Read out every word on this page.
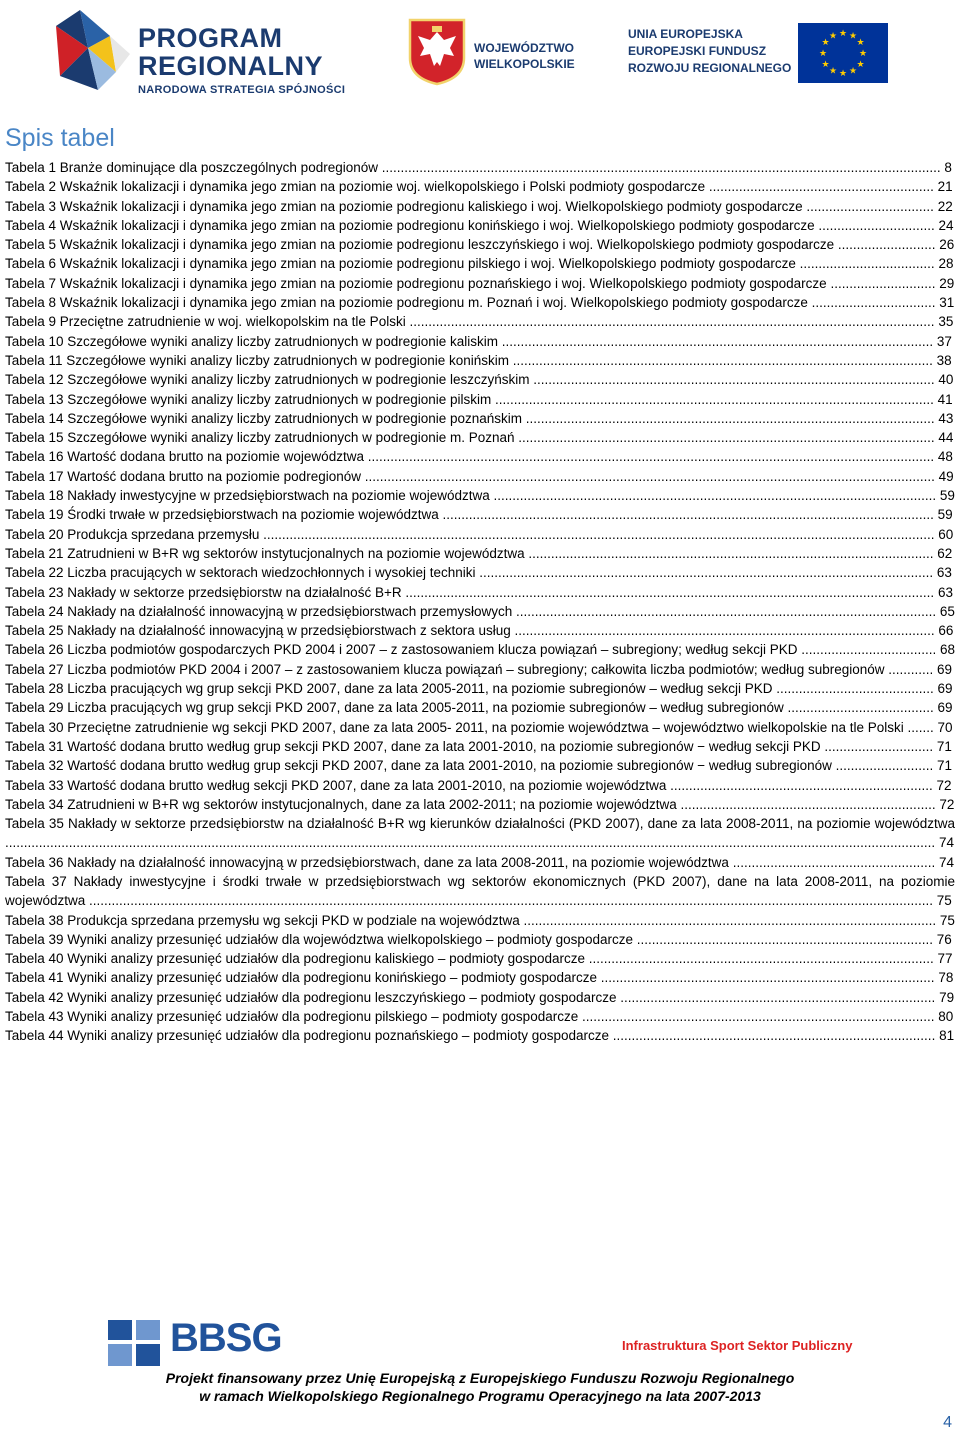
PROGRAM
REGIONALNY
NARODOWA STRATEGIA SPÓJNOŚCI
WOJEWÓDZTWO
WIELKOPOLSKIE
UNIA EUROPEJSKA
EUROPEJSKI FUNDUSZ
ROZWOJU REGIONALNEGO
★ ★
★
★
★
★
★
★
★
★
★
★
Spis tabel
Tabela 1 Branże dominujące dla poszczególnych podregionów ..................................................................................................................................................... 8
Tabela 2 Wskaźnik lokalizacji i dynamika jego zmian na poziomie woj. wielkopolskiego i Polski podmioty gospodarcze ............................................................ 21
Tabela 3 Wskaźnik lokalizacji i dynamika jego zmian na poziomie podregionu kaliskiego i woj. Wielkopolskiego podmioty gospodarcze .................................. 22
Tabela 4 Wskaźnik lokalizacji i dynamika jego zmian na poziomie podregionu konińskiego i woj. Wielkopolskiego podmioty gospodarcze ............................... 24
Tabela 5 Wskaźnik lokalizacji i dynamika jego zmian na poziomie podregionu leszczyńskiego i woj. Wielkopolskiego podmioty gospodarcze .......................... 26
Tabela 6 Wskaźnik lokalizacji i dynamika jego zmian na poziomie podregionu pilskiego i woj. Wielkopolskiego podmioty gospodarcze .................................... 28
Tabela 7 Wskaźnik lokalizacji i dynamika jego zmian na poziomie podregionu poznańskiego i woj. Wielkopolskiego podmioty gospodarcze ............................ 29
Tabela 8 Wskaźnik lokalizacji i dynamika jego zmian na poziomie podregionu m. Poznań i woj. Wielkopolskiego podmioty gospodarcze ................................. 31
Tabela 9 Przeciętne zatrudnienie w woj. wielkopolskim na tle Polski ............................................................................................................................................ 35
Tabela 10 Szczegółowe wyniki analizy liczby zatrudnionych w podregionie kaliskim ................................................................................................................... 37
Tabela 11 Szczegółowe wyniki analizy liczby zatrudnionych w podregionie konińskim ................................................................................................................ 38
Tabela 12 Szczegółowe wyniki analizy liczby zatrudnionych w podregionie leszczyńskim ........................................................................................................... 40
Tabela 13 Szczegółowe wyniki analizy liczby zatrudnionych w podregionie pilskim ..................................................................................................................... 41
Tabela 14 Szczegółowe wyniki analizy liczby zatrudnionych w podregionie poznańskim ............................................................................................................. 43
Tabela 15 Szczegółowe wyniki analizy liczby zatrudnionych w podregionie m. Poznań ............................................................................................................... 44
Tabela 16 Wartość dodana brutto na poziomie województwa ....................................................................................................................................................... 48
Tabela 17 Wartość dodana brutto na poziomie podregionów ........................................................................................................................................................ 49
Tabela 18 Nakłady inwestycyjne w przedsiębiorstwach na poziomie województwa ...................................................................................................................... 59
Tabela 19 Środki trwałe w przedsiębiorstwach na poziomie województwa ................................................................................................................................... 59
Tabela 20 Produkcja sprzedana przemysłu ................................................................................................................................................................................... 60
Tabela 21 Zatrudnieni w B+R wg sektorów instytucjonalnych na poziomie województwa ............................................................................................................ 62
Tabela 22 Liczba pracujących w sektorach wiedzochłonnych i wysokiej techniki ......................................................................................................................... 63
Tabela 23 Nakłady w sektorze przedsiębiorstw na działalność B+R ............................................................................................................................................. 63
Tabela 24 Nakłady na działalność innowacyjną w przedsiębiorstwach przemysłowych ................................................................................................................ 65
Tabela 25 Nakłady na działalność innowacyjną w przedsiębiorstwach z sektora usług ................................................................................................................ 66
Tabela 26 Liczba podmiotów gospodarczych PKD 2004 i 2007 – z zastosowaniem klucza powiązań – subregiony; według sekcji PKD .................................... 68
Tabela 27 Liczba podmiotów PKD 2004 i 2007 – z zastosowaniem klucza powiązań – subregiony; całkowita liczba podmiotów; według subregionów ............ 69
Tabela 28 Liczba pracujących wg grup sekcji PKD 2007, dane za lata 2005-2011, na poziomie subregionów – według sekcji PKD .......................................... 69
Tabela 29 Liczba pracujących wg grup sekcji PKD 2007, dane za lata 2005-2011, na poziomie subregionów – według subregionów ....................................... 69
Tabela 30 Przeciętne zatrudnienie wg sekcji PKD 2007, dane za lata 2005- 2011, na poziomie województwa – województwo wielkopolskie na tle Polski ....... 70
Tabela 31 Wartość dodana brutto według grup sekcji PKD 2007, dane za lata 2001-2010, na poziomie subregionów − według sekcji PKD ............................. 71
Tabela 32 Wartość dodana brutto według grup sekcji PKD 2007, dane za lata 2001-2010, na poziomie subregionów − według subregionów .......................... 71
Tabela 33 Wartość dodana brutto według sekcji PKD 2007, dane za lata 2001-2010, na poziomie województwa ...................................................................... 72
Tabela 34 Zatrudnieni w B+R wg sektorów instytucjonalnych, dane za lata 2002-2011; na poziomie województwa .................................................................... 72
Tabela 35 Nakłady w sektorze przedsiębiorstw na działalność B+R wg kierunków działalności (PKD 2007), dane za lata 2008-2011, na poziomie województwa ........................................................................................................................................................................................................................................................ 74
Tabela 36 Nakłady na działalność innowacyjną w przedsiębiorstwach, dane za lata 2008-2011, na poziomie województwa ...................................................... 74
Tabela 37 Nakłady inwestycyjne i środki trwałe w przedsiębiorstwach wg sektorów ekonomicznych (PKD 2007), dane na lata 2008-2011, na poziomie województwa ................................................................................................................................................................................................................................. 75
Tabela 38 Produkcja sprzedana przemysłu wg sekcji PKD w podziale na województwa .............................................................................................................. 75
Tabela 39 Wyniki analizy przesunięć udziałów dla województwa wielkopolskiego – podmioty gospodarcze ............................................................................... 76
Tabela 40 Wyniki analizy przesunięć udziałów dla podregionu kaliskiego – podmioty gospodarcze ............................................................................................ 77
Tabela 41 Wyniki analizy przesunięć udziałów dla podregionu konińskiego – podmioty gospodarcze ......................................................................................... 78
Tabela 42 Wyniki analizy przesunięć udziałów dla podregionu leszczyńskiego – podmioty gospodarcze .................................................................................... 79
Tabela 43 Wyniki analizy przesunięć udziałów dla podregionu pilskiego – podmioty gospodarcze .............................................................................................. 80
Tabela 44 Wyniki analizy przesunięć udziałów dla podregionu poznańskiego – podmioty gospodarcze ...................................................................................... 81
BBSG	Infrastruktura Sport Sektor Publiczny
Projekt finansowany przez Unię Europejską z Europejskiego Funduszu Rozwoju Regionalnego
w ramach Wielkopolskiego Regionalnego Programu Operacyjnego na lata 2007-2013
4
